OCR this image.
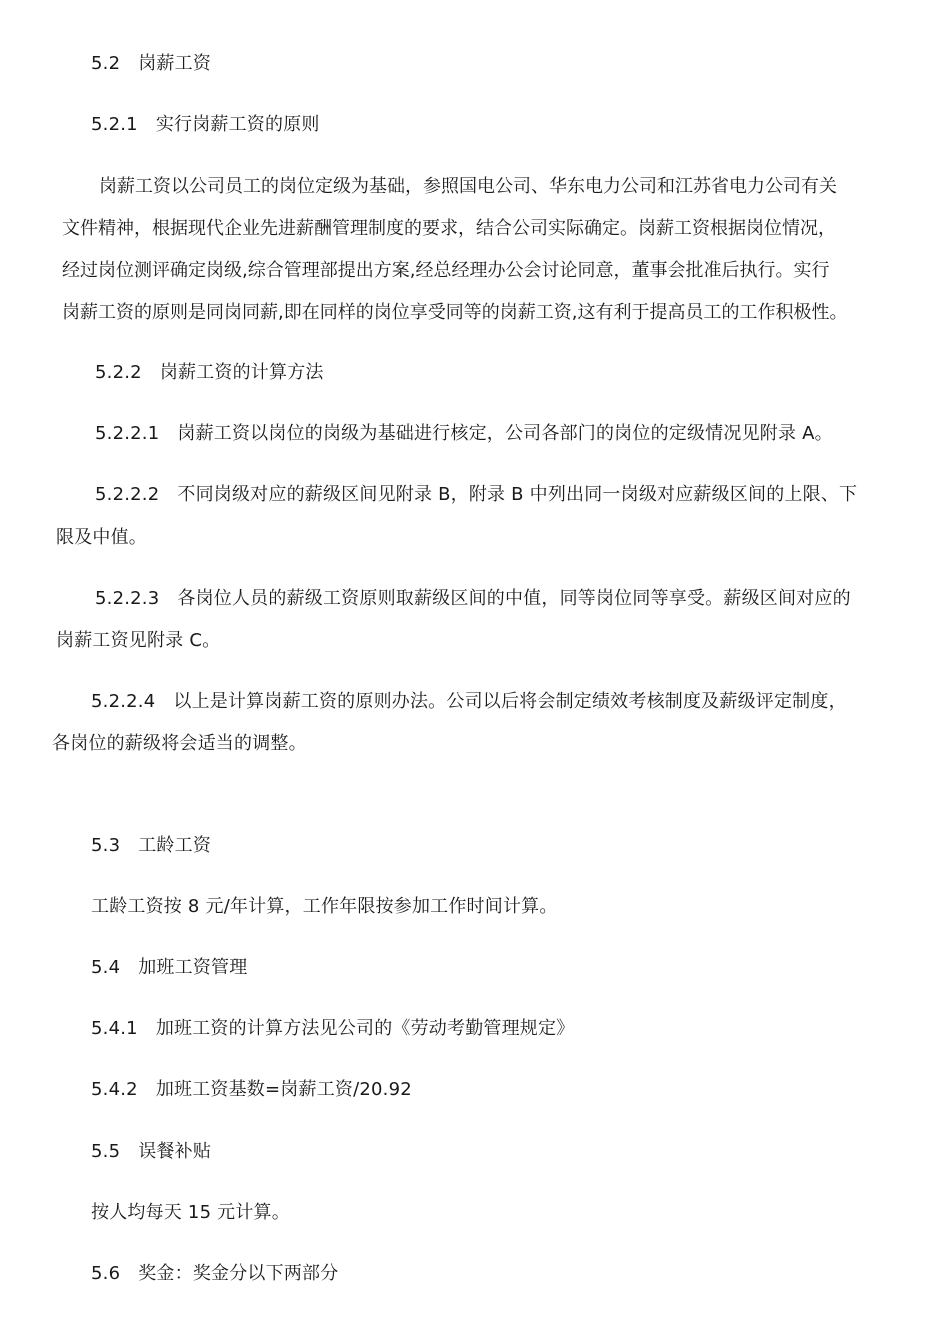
5.2 岗薪工资
5.2.1 实行岗薪工资的原则
岗薪工资以公司员工的岗位定级为基础，参照国电公司、华东电力公司和江苏省电力公司有关
文件精神，根据现代企业先进薪酬管理制度的要求，结合公司实际确定。岗薪工资根据岗位情况，
经过岗位测评确定岗级,综合管理部提出方案,经总经理办公会讨论同意，董事会批准后执行。实行
岗薪工资的原则是同岗同薪,即在同样的岗位享受同等的岗薪工资,这有利于提高员工的工作积极性。
5.2.2 岗薪工资的计算方法
5.2.2.1 岗薪工资以岗位的岗级为基础进行核定，公司各部门的岗位的定级情况见附录 A。
5.2.2.2 不同岗级对应的薪级区间见附录 B，附录 B 中列出同一岗级对应薪级区间的上限、下
限及中值。
5.2.2.3 各岗位人员的薪级工资原则取薪级区间的中值，同等岗位同等享受。薪级区间对应的
岗薪工资见附录 C。
5.2.2.4 以上是计算岗薪工资的原则办法。公司以后将会制定绩效考核制度及薪级评定制度，
各岗位的薪级将会适当的调整。
5.3 工龄工资
工龄工资按 8 元/年计算，工作年限按参加工作时间计算。
5.4 加班工资管理
5.4.1 加班工资的计算方法见公司的《劳动考勤管理规定》
5.4.2 加班工资基数=岗薪工资/20.92
5.5 误餐补贴
按人均每天 15 元计算。
5.6 奖金：奖金分以下两部分
